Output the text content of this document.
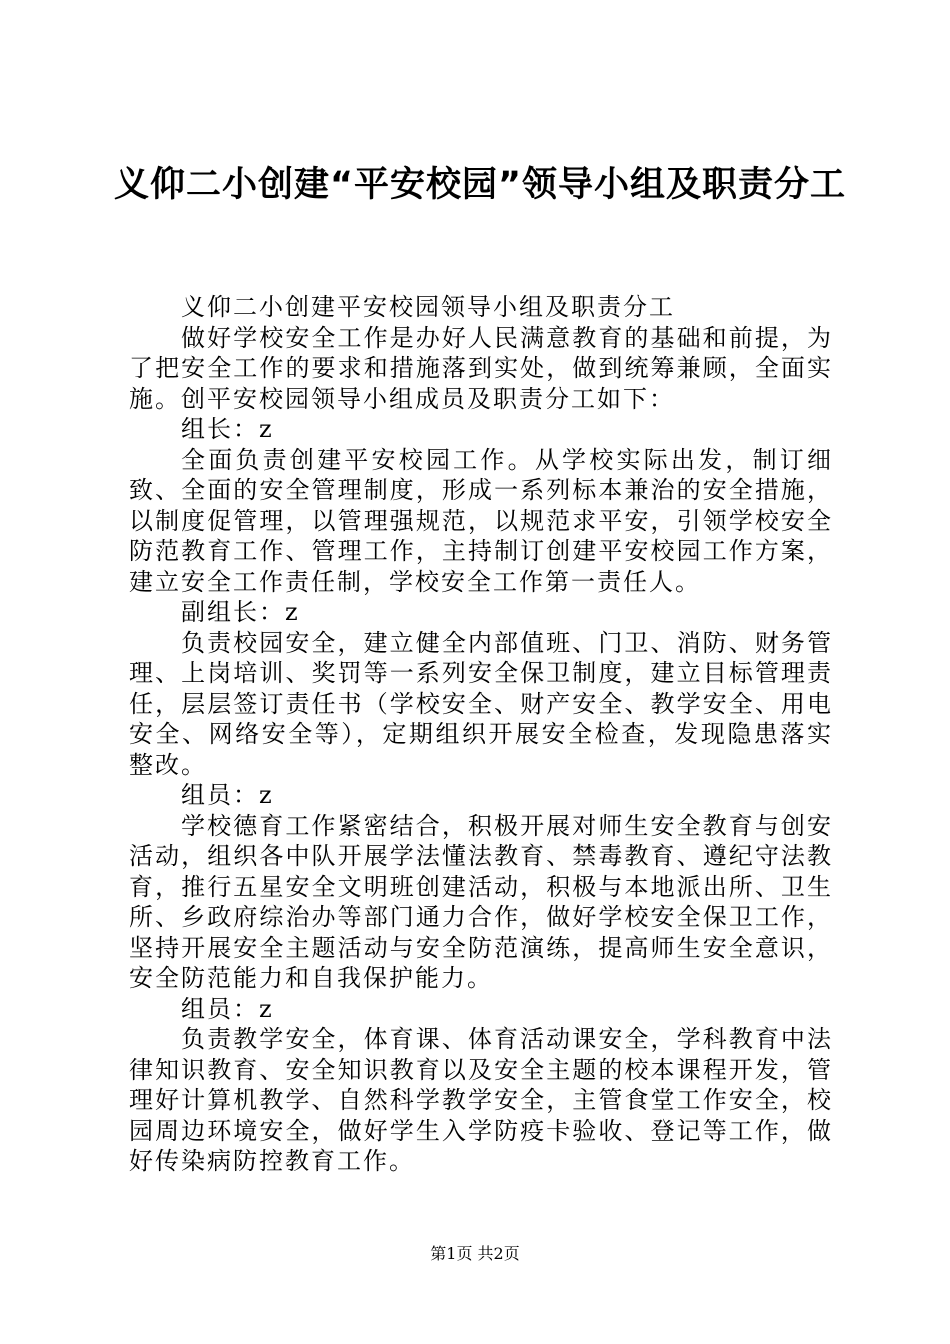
义仰二小创建“平安校园”领导小组及职责分工

义仰二小创建平安校园领导小组及职责分工

做好学校安全工作是办好人民满意教育的基础和前提，为了把安全工作的要求和措施落到实处，做到统筹兼顾，全面实施。创平安校园领导小组成员及职责分工如下：

组长：z

全面负责创建平安校园工作。从学校实际出发，制订细致、全面的安全管理制度，形成一系列标本兼治的安全措施，以制度促管理，以管理强规范，以规范求平安，引领学校安全防范教育工作、管理工作，主持制订创建平安校园工作方案，建立安全工作责任制，学校安全工作第一责任人。

副组长：z

负责校园安全，建立健全内部值班、门卫、消防、财务管理、上岗培训、奖罚等一系列安全保卫制度，建立目标管理责任，层层签订责任书（学校安全、财产安全、教学安全、用电安全、网络安全等），定期组织开展安全检查，发现隐患落实整改。

组员：z

学校德育工作紧密结合，积极开展对师生安全教育与创安活动，组织各中队开展学法懂法教育、禁毒教育、遵纪守法教育，推行五星安全文明班创建活动，积极与本地派出所、卫生所、乡政府综治办等部门通力合作，做好学校安全保卫工作，坚持开展安全主题活动与安全防范演练，提高师生安全意识，安全防范能力和自我保护能力。

组员：z

负责教学安全，体育课、体育活动课安全，学科教育中法律知识教育、安全知识教育以及安全主题的校本课程开发，管理好计算机教学、自然科学教学安全，主管食堂工作安全，校园周边环境安全，做好学生入学防疫卡验收、登记等工作，做好传染病防控教育工作。

第1页 共2页
